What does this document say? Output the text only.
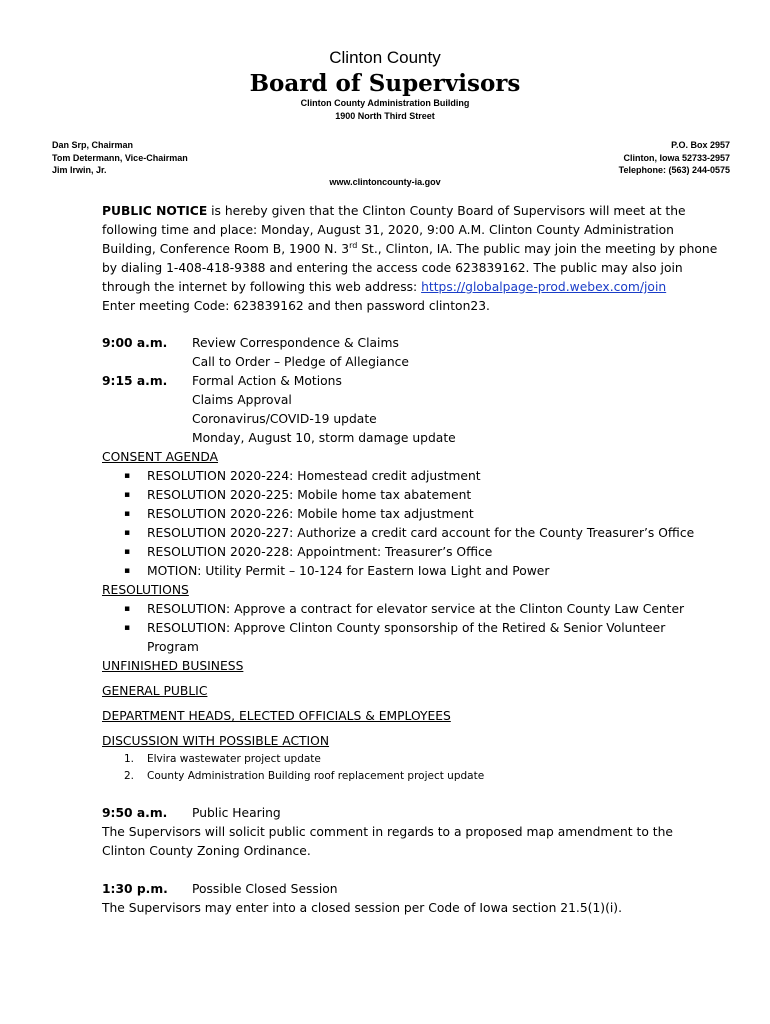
Clinton County
Board of Supervisors
Clinton County Administration Building
1900 North Third Street
Dan Srp, Chairman
Tom Determann, Vice-Chairman
Jim Irwin, Jr.
P.O. Box 2957
Clinton, Iowa 52733-2957
Telephone: (563) 244-0575
www.clintoncounty-ia.gov
PUBLIC NOTICE is hereby given that the Clinton County Board of Supervisors will meet at the following time and place: Monday, August 31, 2020, 9:00 A.M. Clinton County Administration Building, Conference Room B, 1900 N. 3rd St., Clinton, IA. The public may join the meeting by phone by dialing 1-408-418-9388 and entering the access code 623839162. The public may also join through the internet by following this web address: https://globalpage-prod.webex.com/join
Enter meeting Code: 623839162 and then password clinton23.
9:00 a.m. Review Correspondence & Claims
Call to Order – Pledge of Allegiance
9:15 a.m. Formal Action & Motions
Claims Approval
Coronavirus/COVID-19 update
Monday, August 10, storm damage update
CONSENT AGENDA
▪ RESOLUTION 2020-224: Homestead credit adjustment
▪ RESOLUTION 2020-225: Mobile home tax abatement
▪ RESOLUTION 2020-226: Mobile home tax adjustment
▪ RESOLUTION 2020-227: Authorize a credit card account for the County Treasurer’s Office
▪ RESOLUTION 2020-228: Appointment: Treasurer’s Office
▪ MOTION: Utility Permit – 10-124 for Eastern Iowa Light and Power
RESOLUTIONS
▪ RESOLUTION: Approve a contract for elevator service at the Clinton County Law Center
▪ RESOLUTION: Approve Clinton County sponsorship of the Retired & Senior Volunteer
Program
UNFINISHED BUSINESS
GENERAL PUBLIC
DEPARTMENT HEADS, ELECTED OFFICIALS & EMPLOYEES
DISCUSSION WITH POSSIBLE ACTION
1. Elvira wastewater project update
2. County Administration Building roof replacement project update
9:50 a.m. Public Hearing
The Supervisors will solicit public comment in regards to a proposed map amendment to the
Clinton County Zoning Ordinance.
1:30 p.m. Possible Closed Session
The Supervisors may enter into a closed session per Code of Iowa section 21.5(1)(i).
